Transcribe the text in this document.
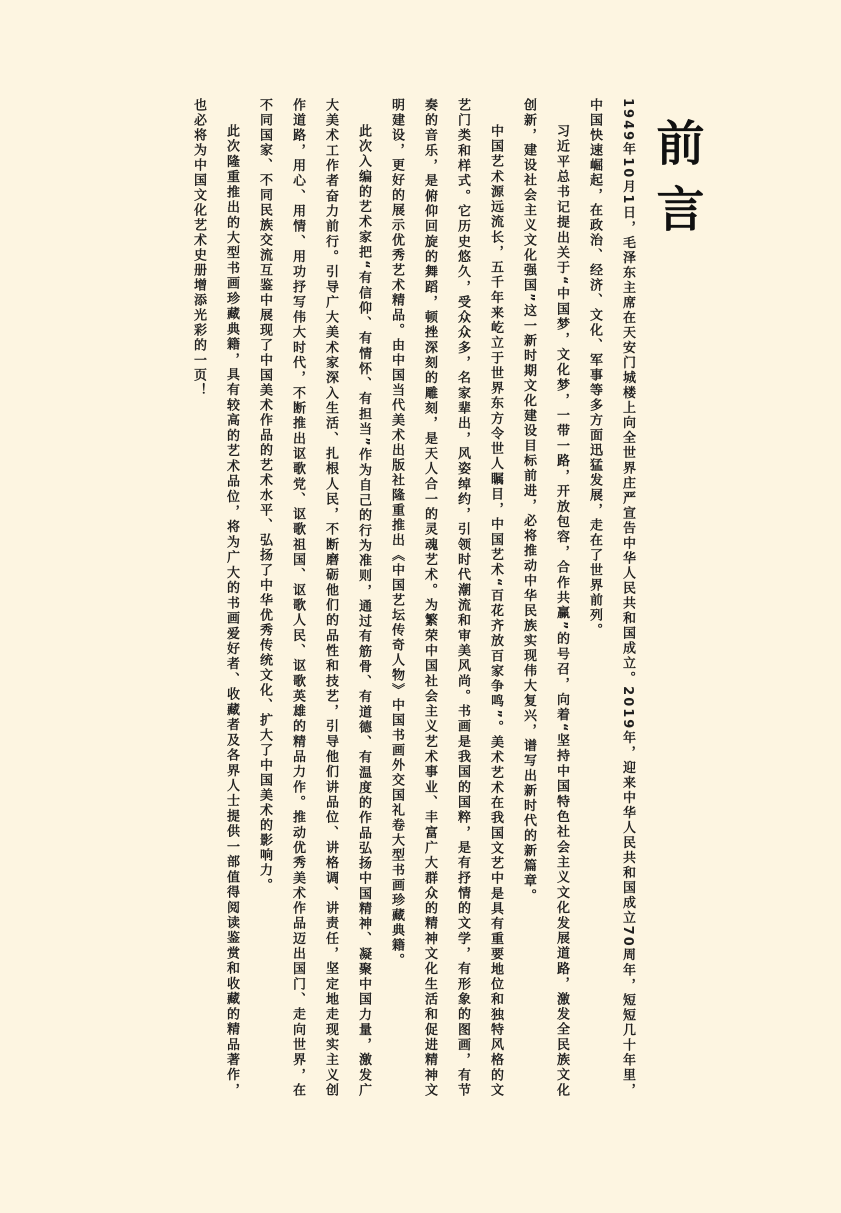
前言

1949年10月1日，毛泽东主席在天安门城楼上向全世界庄严宣告中华人民共和国成立。2019年，迎来中华人民共和国成立70周年，短短几十年里，中国快速崛起，在政治、经济、文化、军事等多方面迅猛发展，走在了世界前列。

习近平总书记提出关于“中国梦，文化梦，一带一路，开放包容，合作共赢”的号召，向着“坚持中国特色社会主义文化发展道路，激发全民族文化创新，建设社会主义文化强国”这一新时期文化建设目标前进，必将推动中华民族实现伟大复兴，谱写出新时代的新篇章。

中国艺术源远流长，五千年来屹立于世界东方令世人瞩目，中国艺术“百花齐放百家争鸣”。美术艺术在我国文艺中是具有重要地位和独特风格的文艺门类和样式。它历史悠久，受众众多，名家辈出，风姿绰约，引领时代潮流和审美风尚。书画是我国的国粹，是有抒情的文学，有形象的图画，有节奏的音乐，是俯仰回旋的舞蹈，顿挫深刻的雕刻，是天人合一的灵魂艺术。为繁荣中国社会主义艺术事业、丰富广大群众的精神文化生活和促进精神文明建设，更好的展示优秀艺术精品。由中国当代美术出版社隆重推出《中国艺坛传奇人物》中国书画外交国礼卷大型书画珍藏典籍。

此次入编的艺术家把“有信仰、有情怀、有担当”作为自己的行为准则，通过有筋骨、有道德、有温度的作品弘扬中国精神、凝聚中国力量，激发广大美术工作者奋力前行。引导广大美术家深入生活、扎根人民，不断磨砺他们的品性和技艺，引导他们讲品位、讲格调、讲责任，坚定地走现实主义创作道路，用心、用情、用功抒写伟大时代，不断推出讴歌党、讴歌祖国、讴歌人民、讴歌英雄的精品力作。推动优秀美术作品迈出国门、走向世界，在不同国家、不同民族交流互鉴中展现了中国美术作品的艺术水平、弘扬了中华优秀传统文化、扩大了中国美术的影响力。

此次隆重推出的大型书画珍藏典籍，具有较高的艺术品位，将为广大的书画爱好者、收藏者及各界人士提供一部值得阅读鉴赏和收藏的精品著作，也必将为中国文化艺术史册增添光彩的一页！
